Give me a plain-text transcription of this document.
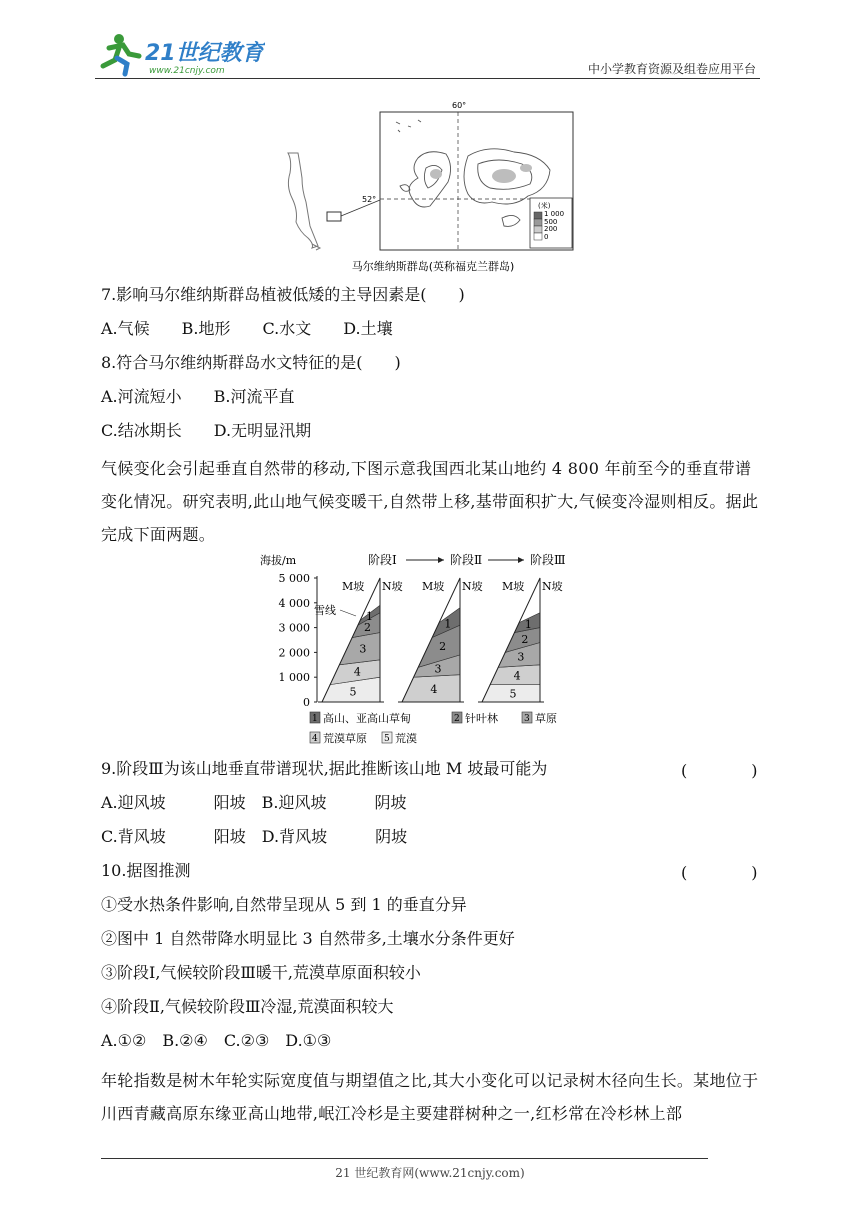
21世纪教育
www.21cnjy.com	中小学教育资源及组卷应用平台
60°
52°
(米)
1 000
500
200
0
马尔维纳斯群岛(英称福克兰群岛)
7.影响马尔维纳斯群岛植被低矮的主导因素是(　　)
A.气候　　B.地形　　C.水文　　D.土壤
8.符合马尔维纳斯群岛水文特征的是(　　)
A.河流短小　　B.河流平直
C.结冰期长　　D.无明显汛期
气候变化会引起垂直自然带的移动,下图示意我国西北某山地约 4 800 年前至今的垂直带谱变化情况。研究表明,此山地气候变暖干,自然带上移,基带面积扩大,气候变冷湿则相反。据此完成下面两题。
海拔/m
5 000
4 000
3 000
2 000
1 000
0
阶段Ⅰ	阶段Ⅱ	阶段Ⅲ
5
4
3
2
1
M坡 N坡
4
3
2
1
M坡 N坡
5
4
3
2
1
M坡 N坡
雪线
1 高山、亚高山草甸	2 针叶林	3 草原
4 荒漠草原 5 荒漠
9.阶段Ⅲ为该山地垂直带谱现状,据此推断该山地 M 坡最可能为	(　　　　)
A.迎风坡　　　阳坡　B.迎风坡　　　阴坡
C.背风坡　　　阳坡　D.背风坡　　　阴坡
10.据图推测	(　　　　)
①受水热条件影响,自然带呈现从 5 到 1 的垂直分异
②图中 1 自然带降水明显比 3 自然带多,土壤水分条件更好
③阶段Ⅰ,气候较阶段Ⅲ暖干,荒漠草原面积较小
④阶段Ⅱ,气候较阶段Ⅲ冷湿,荒漠面积较大
A.①②　B.②④　C.②③　D.①③
年轮指数是树木年轮实际宽度值与期望值之比,其大小变化可以记录树木径向生长。某地位于川西青藏高原东缘亚高山地带,岷江冷杉是主要建群树种之一,红杉常在冷杉林上部
21 世纪教育网(www.21cnjy.com)
